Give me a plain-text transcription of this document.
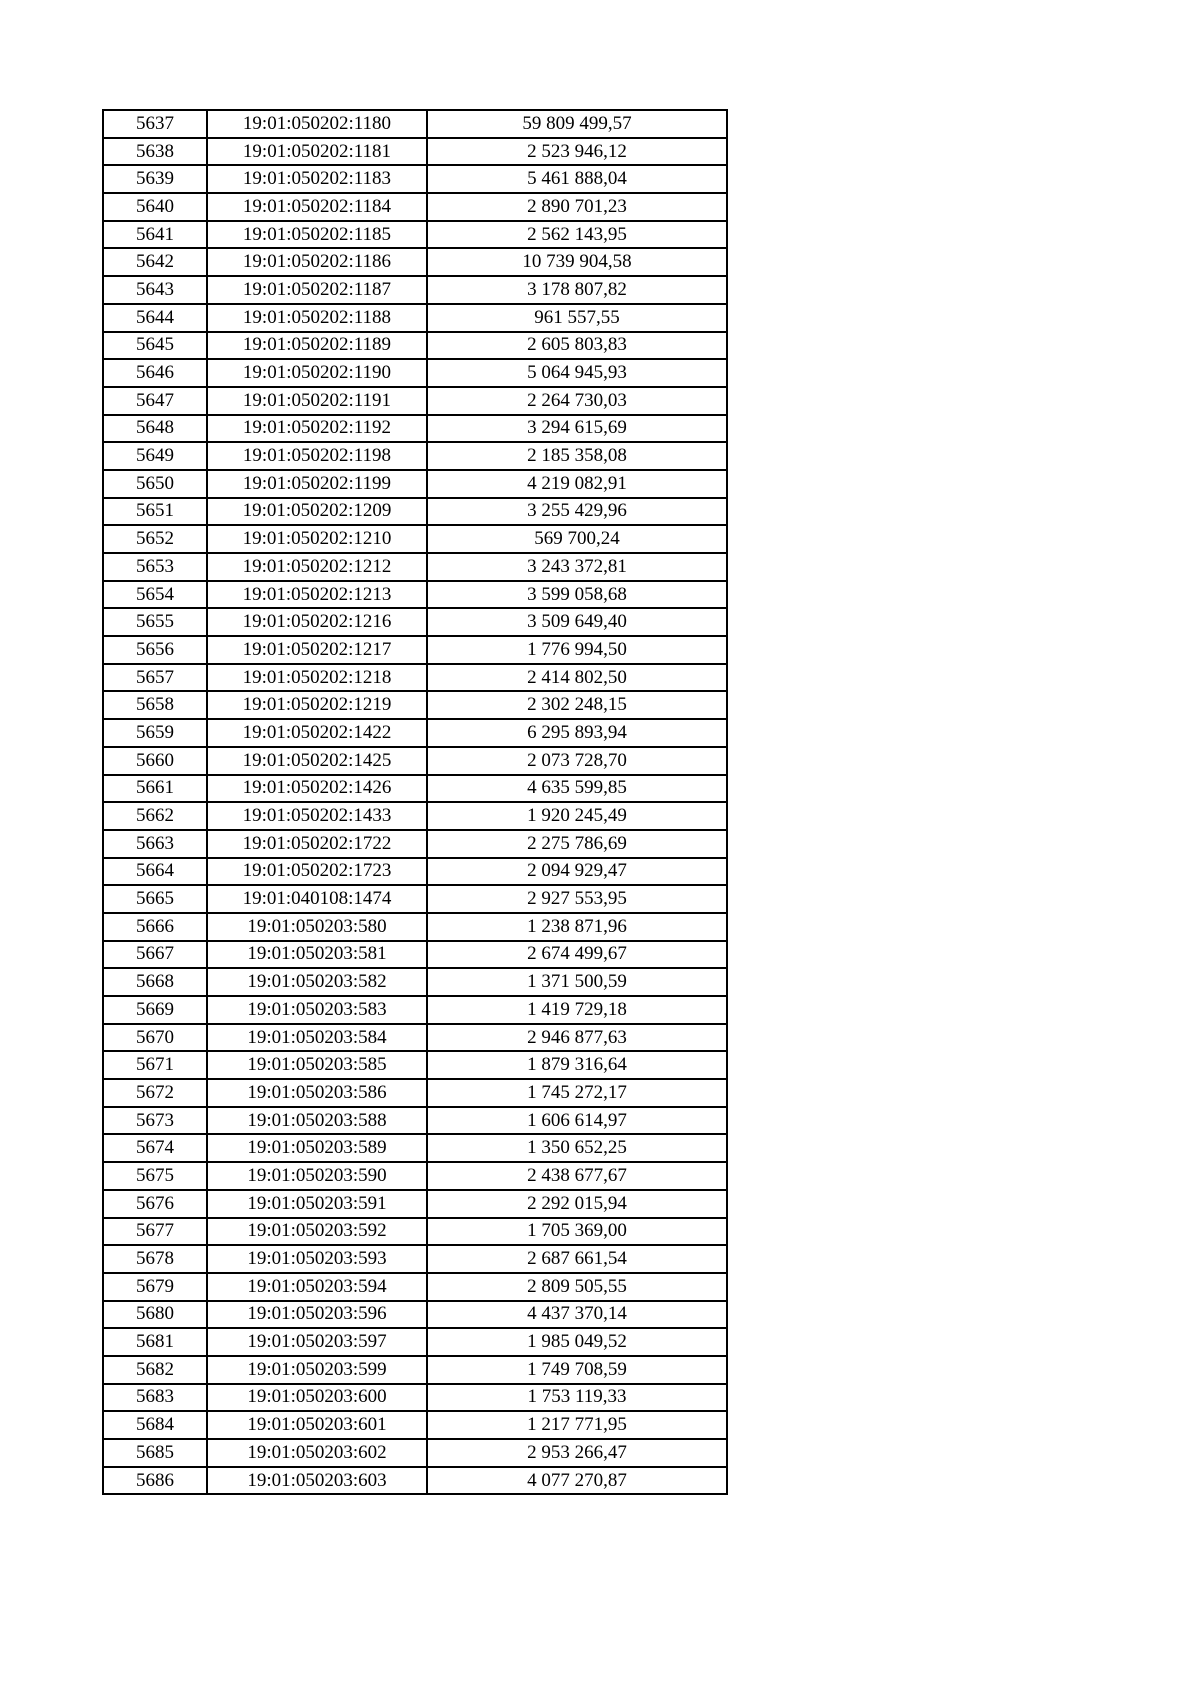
5637	19:01:050202:1180	59 809 499,57
5638	19:01:050202:1181	2 523 946,12
5639	19:01:050202:1183	5 461 888,04
5640	19:01:050202:1184	2 890 701,23
5641	19:01:050202:1185	2 562 143,95
5642	19:01:050202:1186	10 739 904,58
5643	19:01:050202:1187	3 178 807,82
5644	19:01:050202:1188	961 557,55
5645	19:01:050202:1189	2 605 803,83
5646	19:01:050202:1190	5 064 945,93
5647	19:01:050202:1191	2 264 730,03
5648	19:01:050202:1192	3 294 615,69
5649	19:01:050202:1198	2 185 358,08
5650	19:01:050202:1199	4 219 082,91
5651	19:01:050202:1209	3 255 429,96
5652	19:01:050202:1210	569 700,24
5653	19:01:050202:1212	3 243 372,81
5654	19:01:050202:1213	3 599 058,68
5655	19:01:050202:1216	3 509 649,40
5656	19:01:050202:1217	1 776 994,50
5657	19:01:050202:1218	2 414 802,50
5658	19:01:050202:1219	2 302 248,15
5659	19:01:050202:1422	6 295 893,94
5660	19:01:050202:1425	2 073 728,70
5661	19:01:050202:1426	4 635 599,85
5662	19:01:050202:1433	1 920 245,49
5663	19:01:050202:1722	2 275 786,69
5664	19:01:050202:1723	2 094 929,47
5665	19:01:040108:1474	2 927 553,95
5666	19:01:050203:580	1 238 871,96
5667	19:01:050203:581	2 674 499,67
5668	19:01:050203:582	1 371 500,59
5669	19:01:050203:583	1 419 729,18
5670	19:01:050203:584	2 946 877,63
5671	19:01:050203:585	1 879 316,64
5672	19:01:050203:586	1 745 272,17
5673	19:01:050203:588	1 606 614,97
5674	19:01:050203:589	1 350 652,25
5675	19:01:050203:590	2 438 677,67
5676	19:01:050203:591	2 292 015,94
5677	19:01:050203:592	1 705 369,00
5678	19:01:050203:593	2 687 661,54
5679	19:01:050203:594	2 809 505,55
5680	19:01:050203:596	4 437 370,14
5681	19:01:050203:597	1 985 049,52
5682	19:01:050203:599	1 749 708,59
5683	19:01:050203:600	1 753 119,33
5684	19:01:050203:601	1 217 771,95
5685	19:01:050203:602	2 953 266,47
5686	19:01:050203:603	4 077 270,87
